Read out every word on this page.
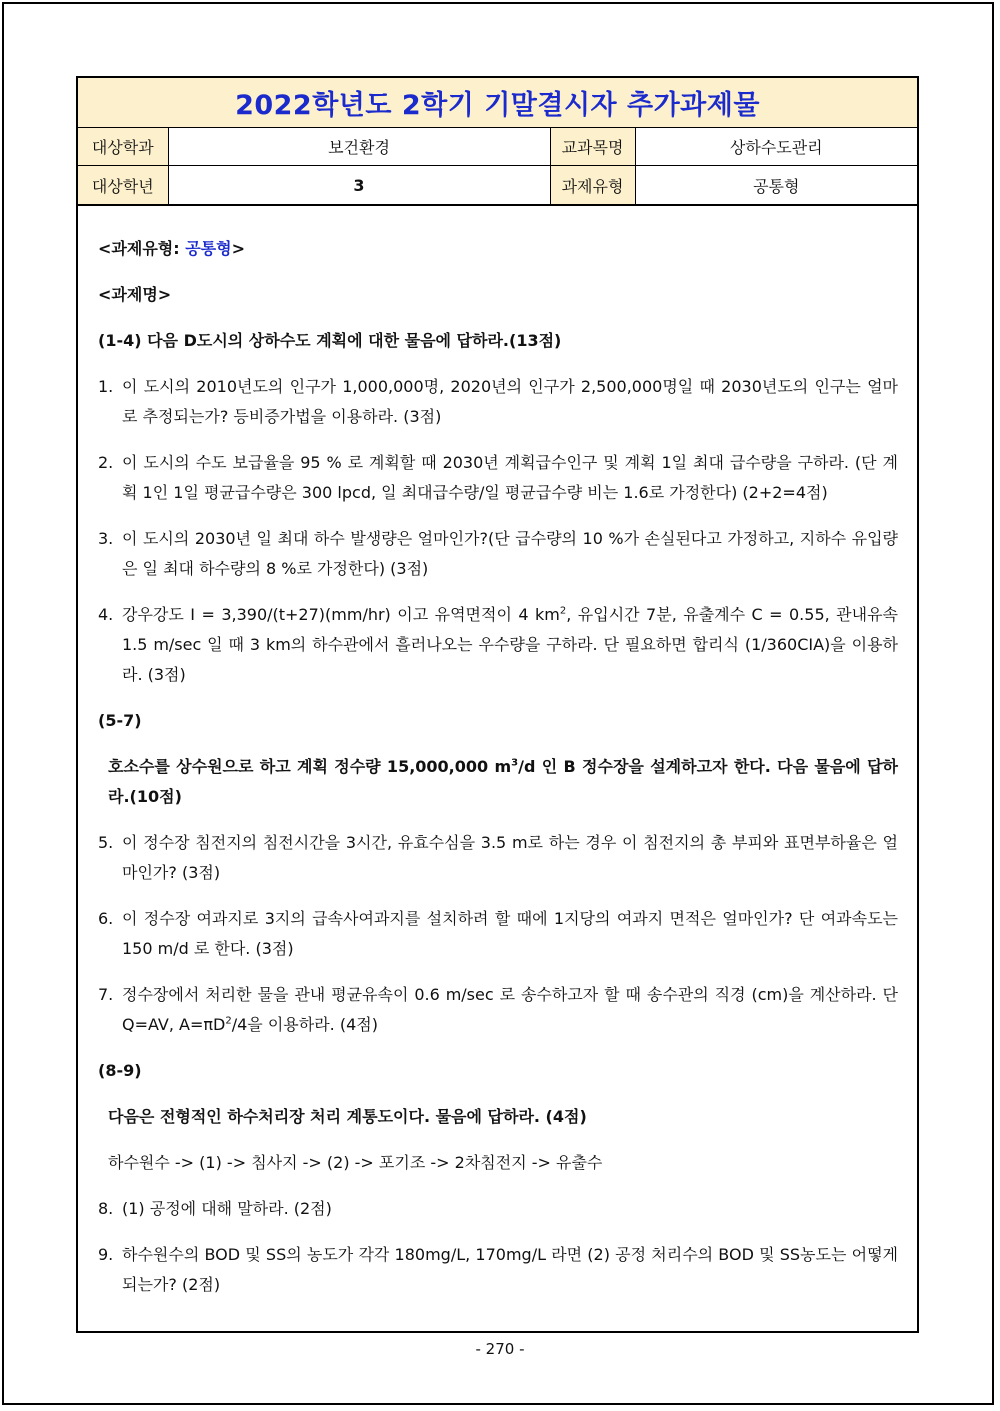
2022학년도 2학기 기말결시자 추가과제물
대상학과	보건환경	교과목명	상하수도관리
대상학년	3	과제유형	공통형

<과제유형: 공통형>

<과제명>

(1-4) 다음 D도시의 상하수도 계획에 대한 물음에 답하라.(13점)

1. 이 도시의 2010년도의 인구가 1,000,000명, 2020년의 인구가 2,500,000명일 때 2030년도의 인구는 얼마로 추정되는가? 등비증가법을 이용하라. (3점)
2. 이 도시의 수도 보급율을 95 % 로 계획할 때 2030년 계획급수인구 및 계획 1일 최대 급수량을 구하라. (단 계획 1인 1일 평균급수량은 300 lpcd, 일 최대급수량/일 평균급수량 비는 1.6로 가정한다) (2+2=4점)
3. 이 도시의 2030년 일 최대 하수 발생량은 얼마인가?(단 급수량의 10 %가 손실된다고 가정하고, 지하수 유입량은 일 최대 하수량의 8 %로 가정한다) (3점)
4. 강우강도 I = 3,390/(t+27)(mm/hr) 이고 유역면적이 4 $km^2$, 유입시간 7분, 유출계수 C = 0.55, 관내유속 1.5 m/sec 일 때 3 km의 하수관에서 흘러나오는 우수량을 구하라. 단 필요하면 합리식 (1/360CIA)을 이용하라. (3점)

(5-7)

호소수를 상수원으로 하고 계획 정수량 15,000,000 $m^3/d$ 인 B 정수장을 설계하고자 한다. 다음 물음에 답하라.(10점)

5. 이 정수장 침전지의 침전시간을 3시간, 유효수심을 3.5 m로 하는 경우 이 침전지의 총 부피와 표면부하율은 얼마인가? (3점)
6. 이 정수장 여과지로 3지의 급속사여과지를 설치하려 할 때에 1지당의 여과지 면적은 얼마인가? 단 여과속도는 150 m/d 로 한다. (3점)
7. 정수장에서 처리한 물을 관내 평균유속이 0.6 m/sec 로 송수하고자 할 때 송수관의 직경 (cm)을 계산하라. 단 Q=AV, $A=\pi D^2/4$을 이용하라. (4점)

(8-9)

다음은 전형적인 하수처리장 처리 계통도이다. 물음에 답하라. (4점)

하수원수 -> (1) -> 침사지 -> (2) -> 포기조 -> 2차침전지 -> 유출수

8. (1) 공정에 대해 말하라. (2점)
9. 하수원수의 BOD 및 SS의 농도가 각각 180mg/L, 170mg/L 라면 (2) 공정 처리수의 BOD 및 SS농도는 어떻게 되는가? (2점)
- 270 -
